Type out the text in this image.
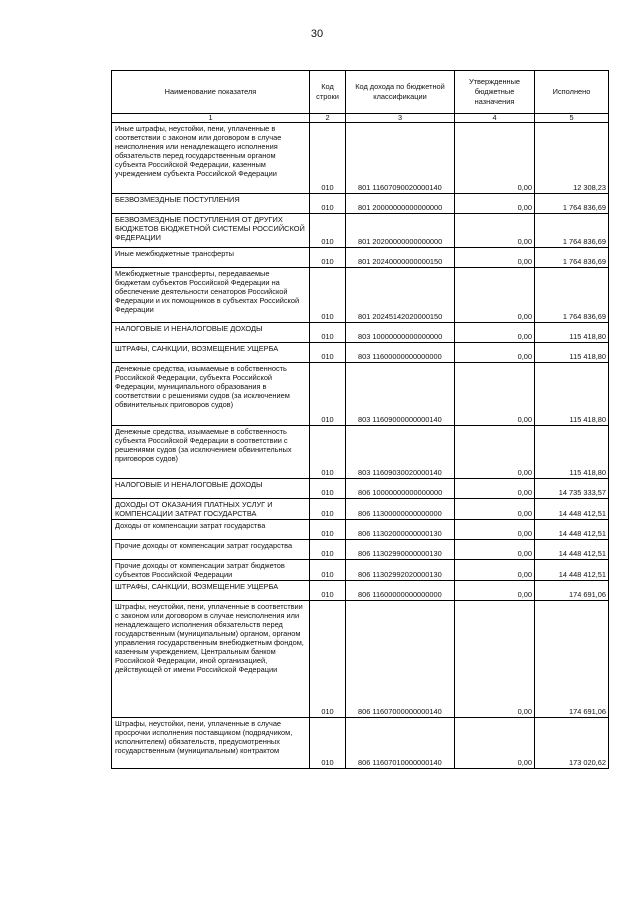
30
Наименование показателя	Код строки	Код дохода по бюджетной классификации	Утвержденные бюджетные назначения	Исполнено
1	2	3	4	5
Иные штрафы, неустойки, пени, уплаченные в соответствии с законом или договором в случае неисполнения или ненадлежащего исполнения обязательств перед государственным органом субъекта Российской Федерации, казенным учреждением субъекта Российской Федерации	010	801 11607090020000140	0,00	12 308,23
БЕЗВОЗМЕЗДНЫЕ ПОСТУПЛЕНИЯ	010	801 20000000000000000	0,00	1 764 836,69
БЕЗВОЗМЕЗДНЫЕ ПОСТУПЛЕНИЯ ОТ ДРУГИХ БЮДЖЕТОВ БЮДЖЕТНОЙ СИСТЕМЫ РОССИЙСКОЙ ФЕДЕРАЦИИ	010	801 20200000000000000	0,00	1 764 836,69
Иные межбюджетные трансферты	010	801 20240000000000150	0,00	1 764 836,69
Межбюджетные трансферты, передаваемые бюджетам субъектов Российской Федерации на обеспечение деятельности сенаторов Российской Федерации и их помощников в субъектах Российской Федерации	010	801 20245142020000150	0,00	1 764 836,69
НАЛОГОВЫЕ И НЕНАЛОГОВЫЕ ДОХОДЫ	010	803 10000000000000000	0,00	115 418,80
ШТРАФЫ, САНКЦИИ, ВОЗМЕЩЕНИЕ УЩЕРБА	010	803 11600000000000000	0,00	115 418,80
Денежные средства, изымаемые в собственность Российской Федерации, субъекта Российской Федерации, муниципального образования в соответствии с решениями судов (за исключением обвинительных приговоров судов)	010	803 11609000000000140	0,00	115 418,80
Денежные средства, изымаемые в собственность субъекта Российской Федерации в соответствии с решениями судов (за исключением обвинительных приговоров судов)	010	803 11609030020000140	0,00	115 418,80
НАЛОГОВЫЕ И НЕНАЛОГОВЫЕ ДОХОДЫ	010	806 10000000000000000	0,00	14 735 333,57
ДОХОДЫ ОТ ОКАЗАНИЯ ПЛАТНЫХ УСЛУГ И КОМПЕНСАЦИИ ЗАТРАТ ГОСУДАРСТВА	010	806 11300000000000000	0,00	14 448 412,51
Доходы от компенсации затрат государства	010	806 11302000000000130	0,00	14 448 412,51
Прочие доходы от компенсации затрат государства	010	806 11302990000000130	0,00	14 448 412,51
Прочие доходы от компенсации затрат бюджетов субъектов Российской Федерации	010	806 11302992020000130	0,00	14 448 412,51
ШТРАФЫ, САНКЦИИ, ВОЗМЕЩЕНИЕ УЩЕРБА	010	806 11600000000000000	0,00	174 691,06
Штрафы, неустойки, пени, уплаченные в соответствии с законом или договором в случае неисполнения или ненадлежащего исполнения обязательств перед государственным (муниципальным) органом, органом управления государственным внебюджетным фондом, казенным учреждением, Центральным банком Российской Федерации, иной организацией, действующей от имени Российской Федерации	010	806 11607000000000140	0,00	174 691,06
Штрафы, неустойки, пени, уплаченные в случае просрочки исполнения поставщиком (подрядчиком, исполнителем) обязательств, предусмотренных государственным (муниципальным) контрактом	010	806 11607010000000140	0,00	173 020,62
